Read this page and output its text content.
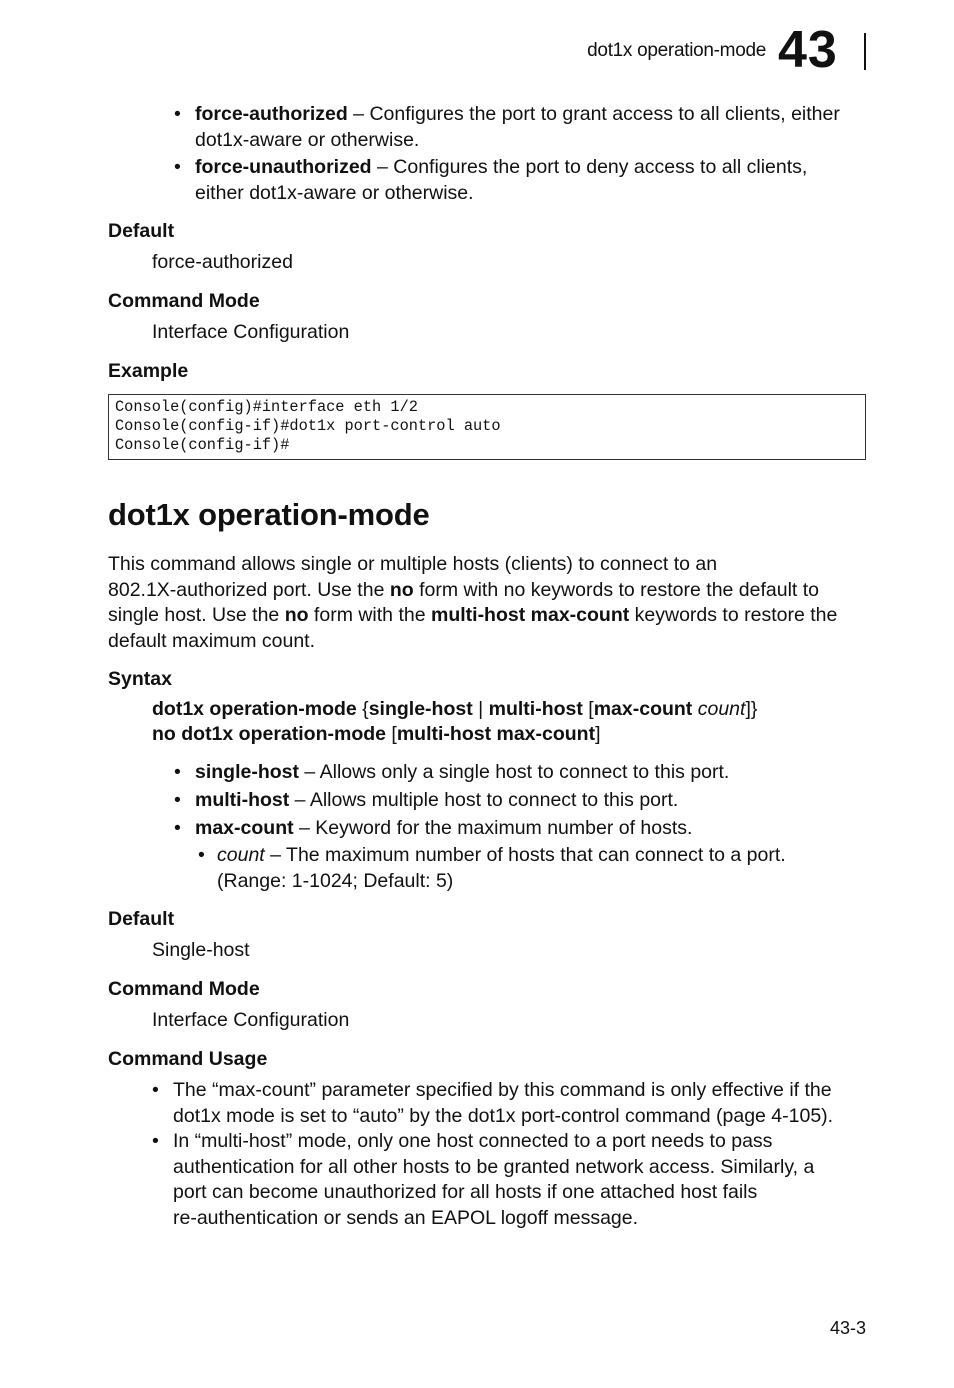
dot1x operation-mode 43
• force-authorized – Configures the port to grant access to all clients, either
dot1x-aware or otherwise.
• force-unauthorized – Configures the port to deny access to all clients,
either dot1x-aware or otherwise.
Default
force-authorized
Command Mode
Interface Configuration
Example
Console(config)#interface eth 1/2
Console(config-if)#dot1x port-control auto
Console(config-if)#
dot1x operation-mode
This command allows single or multiple hosts (clients) to connect to an
802.1X-authorized port. Use the no form with no keywords to restore the default to
single host. Use the no form with the multi-host max-count keywords to restore the
default maximum count.
Syntax
dot1x operation-mode {single-host | multi-host [max-count count]}
no dot1x operation-mode [multi-host max-count]
• single-host – Allows only a single host to connect to this port.
• multi-host – Allows multiple host to connect to this port.
• max-count – Keyword for the maximum number of hosts.
• count – The maximum number of hosts that can connect to a port.
(Range: 1-1024; Default: 5)
Default
Single-host
Command Mode
Interface Configuration
Command Usage
• The “max-count” parameter specified by this command is only effective if the
dot1x mode is set to “auto” by the dot1x port-control command (page 4-105).
• In “multi-host” mode, only one host connected to a port needs to pass
authentication for all other hosts to be granted network access. Similarly, a
port can become unauthorized for all hosts if one attached host fails
re-authentication or sends an EAPOL logoff message.
43-3
